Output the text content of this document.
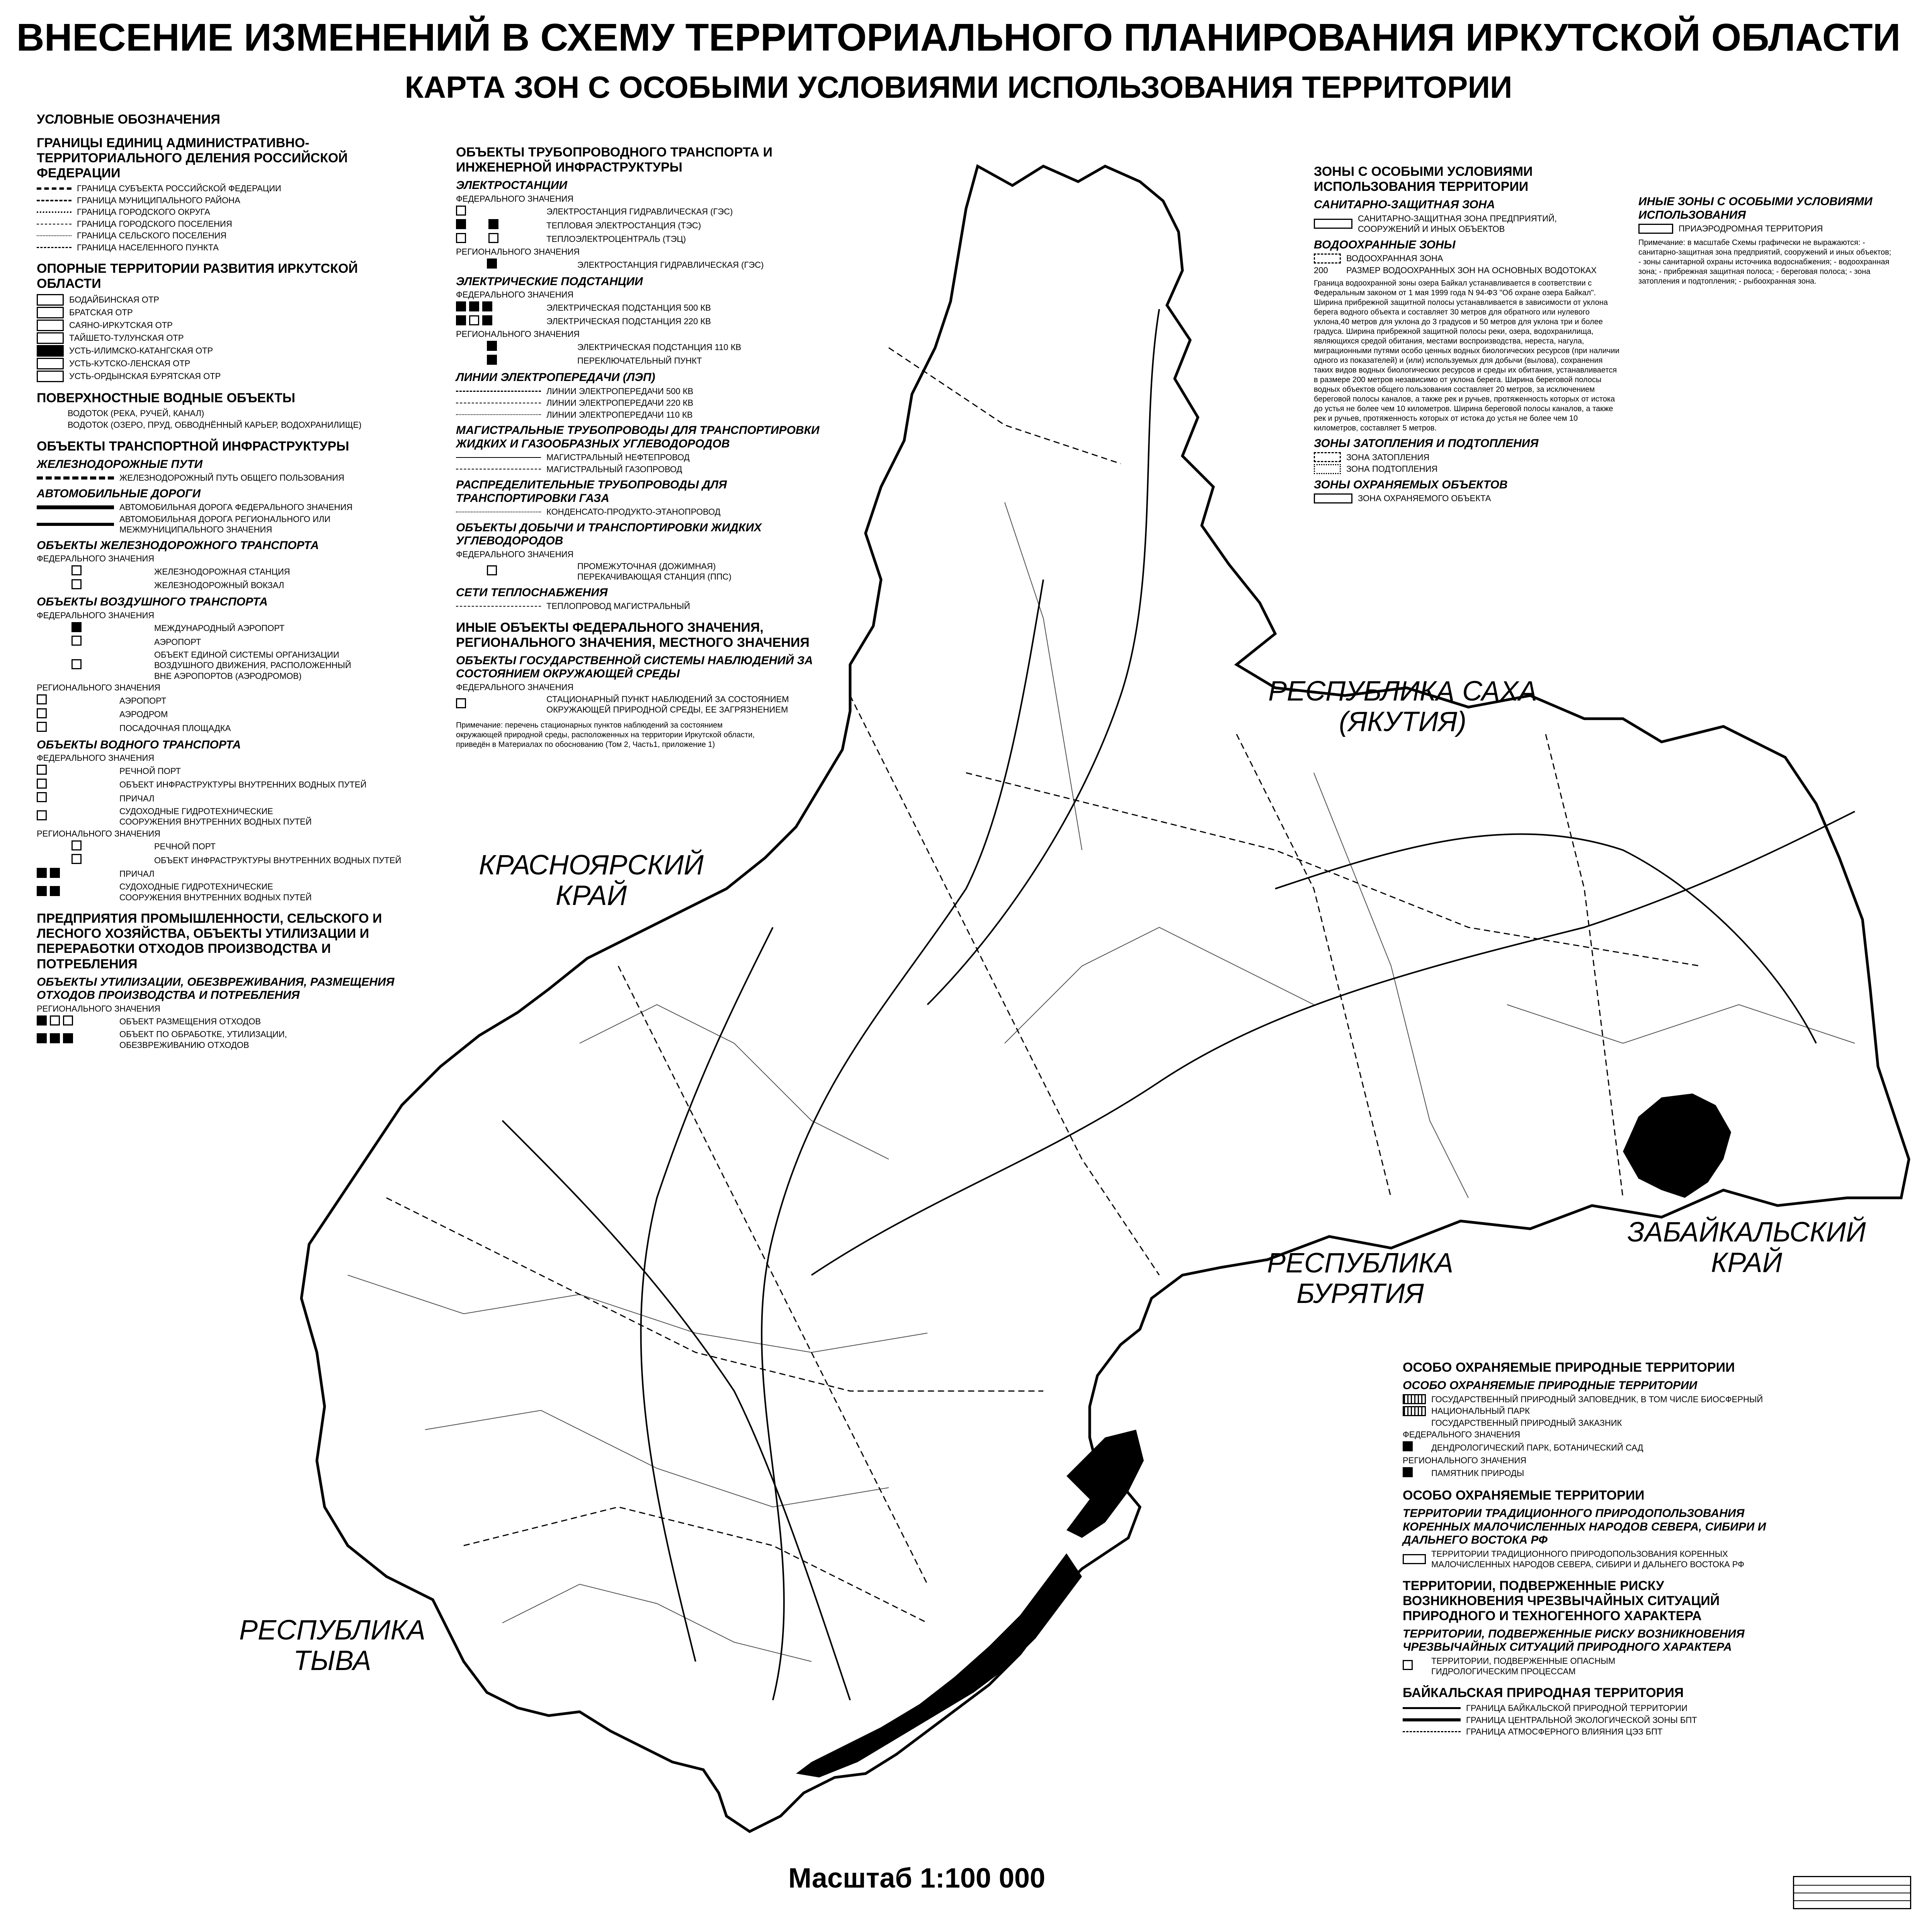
ВНЕСЕНИЕ ИЗМЕНЕНИЙ В СХЕМУ ТЕРРИТОРИАЛЬНОГО ПЛАНИРОВАНИЯ ИРКУТСКОЙ ОБЛАСТИ
КАРТА ЗОН С ОСОБЫМИ УСЛОВИЯМИ ИСПОЛЬЗОВАНИЯ ТЕРРИТОРИИ
КРАСНОЯРСКИЙ
КРАЙ
РЕСПУБЛИКА САХА
(ЯКУТИЯ)
ЗАБАЙКАЛЬСКИЙ
КРАЙ
РЕСПУБЛИКА
БУРЯТИЯ
РЕСПУБЛИКА
ТЫВА
УСЛОВНЫЕ ОБОЗНАЧЕНИЯ
ГРАНИЦЫ ЕДИНИЦ АДМИНИСТРАТИВНО-ТЕРРИТОРИАЛЬНОГО ДЕЛЕНИЯ РОССИЙСКОЙ ФЕДЕРАЦИИ
ГРАНИЦА СУБЪЕКТА РОССИЙСКОЙ ФЕДЕРАЦИИ
ГРАНИЦА МУНИЦИПАЛЬНОГО РАЙОНА
ГРАНИЦА ГОРОДСКОГО ОКРУГА
ГРАНИЦА ГОРОДСКОГО ПОСЕЛЕНИЯ
ГРАНИЦА СЕЛЬСКОГО ПОСЕЛЕНИЯ
ГРАНИЦА НАСЕЛЕННОГО ПУНКТА
ОПОРНЫЕ ТЕРРИТОРИИ РАЗВИТИЯ ИРКУТСКОЙ ОБЛАСТИ
БОДАЙБИНСКАЯ ОТР
БРАТСКАЯ ОТР
САЯНО-ИРКУТСКАЯ ОТР
ТАЙШЕТО-ТУЛУНСКАЯ ОТР
УСТЬ-ИЛИМСКО-КАТАНГСКАЯ ОТР
УСТЬ-КУТСКО-ЛЕНСКАЯ ОТР
УСТЬ-ОРДЫНСКАЯ БУРЯТСКАЯ ОТР
ПОВЕРХНОСТНЫЕ ВОДНЫЕ ОБЪЕКТЫ
ВОДОТОК (РЕКА, РУЧЕЙ, КАНАЛ)
ВОДОТОК (ОЗЕРО, ПРУД, ОБВОДНЁННЫЙ КАРЬЕР, ВОДОХРАНИЛИЩЕ)
ОБЪЕКТЫ ТРАНСПОРТНОЙ ИНФРАСТРУКТУРЫ
ЖЕЛЕЗНОДОРОЖНЫЕ ПУТИ
ЖЕЛЕЗНОДОРОЖНЫЙ ПУТЬ ОБЩЕГО ПОЛЬЗОВАНИЯ
АВТОМОБИЛЬНЫЕ ДОРОГИ
АВТОМОБИЛЬНАЯ ДОРОГА ФЕДЕРАЛЬНОГО ЗНАЧЕНИЯ
АВТОМОБИЛЬНАЯ ДОРОГА РЕГИОНАЛЬНОГО ИЛИ МЕЖМУНИЦИПАЛЬНОГО ЗНАЧЕНИЯ
ОБЪЕКТЫ ЖЕЛЕЗНОДОРОЖНОГО ТРАНСПОРТА
ФЕДЕРАЛЬНОГО ЗНАЧЕНИЯ
ЖЕЛЕЗНОДОРОЖНАЯ СТАНЦИЯ
ЖЕЛЕЗНОДОРОЖНЫЙ ВОКЗАЛ
ОБЪЕКТЫ ВОЗДУШНОГО ТРАНСПОРТА
ФЕДЕРАЛЬНОГО ЗНАЧЕНИЯ
МЕЖДУНАРОДНЫЙ АЭРОПОРТ
АЭРОПОРТ
ОБЪЕКТ ЕДИНОЙ СИСТЕМЫ ОРГАНИЗАЦИИ ВОЗДУШНОГО ДВИЖЕНИЯ, РАСПОЛОЖЕННЫЙ ВНЕ АЭРОПОРТОВ (АЭРОДРОМОВ)
РЕГИОНАЛЬНОГО ЗНАЧЕНИЯ
АЭРОПОРТ
АЭРОДРОМ
ПОСАДОЧНАЯ ПЛОЩАДКА
ОБЪЕКТЫ ВОДНОГО ТРАНСПОРТА
ФЕДЕРАЛЬНОГО ЗНАЧЕНИЯ
РЕЧНОЙ ПОРТ
ОБЪЕКТ ИНФРАСТРУКТУРЫ ВНУТРЕННИХ ВОДНЫХ ПУТЕЙ
ПРИЧАЛ
СУДОХОДНЫЕ ГИДРОТЕХНИЧЕСКИЕ СООРУЖЕНИЯ ВНУТРЕННИХ ВОДНЫХ ПУТЕЙ
РЕГИОНАЛЬНОГО ЗНАЧЕНИЯ
РЕЧНОЙ ПОРТ
ОБЪЕКТ ИНФРАСТРУКТУРЫ ВНУТРЕННИХ ВОДНЫХ ПУТЕЙ
ПРИЧАЛ
СУДОХОДНЫЕ ГИДРОТЕХНИЧЕСКИЕ СООРУЖЕНИЯ ВНУТРЕННИХ ВОДНЫХ ПУТЕЙ
ПРЕДПРИЯТИЯ ПРОМЫШЛЕННОСТИ, СЕЛЬСКОГО И ЛЕСНОГО ХОЗЯЙСТВА, ОБЪЕКТЫ УТИЛИЗАЦИИ И ПЕРЕРАБОТКИ ОТХОДОВ ПРОИЗВОДСТВА И ПОТРЕБЛЕНИЯ
ОБЪЕКТЫ УТИЛИЗАЦИИ, ОБЕЗВРЕЖИВАНИЯ, РАЗМЕЩЕНИЯ ОТХОДОВ ПРОИЗВОДСТВА И ПОТРЕБЛЕНИЯ
РЕГИОНАЛЬНОГО ЗНАЧЕНИЯ
ОБЪЕКТ РАЗМЕЩЕНИЯ ОТХОДОВ
ОБЪЕКТ ПО ОБРАБОТКЕ, УТИЛИЗАЦИИ, ОБЕЗВРЕЖИВАНИЮ ОТХОДОВ
ОБЪЕКТЫ ТРУБОПРОВОДНОГО ТРАНСПОРТА И ИНЖЕНЕРНОЙ ИНФРАСТРУКТУРЫ
ЭЛЕКТРОСТАНЦИИ
ФЕДЕРАЛЬНОГО ЗНАЧЕНИЯ
ЭЛЕКТРОСТАНЦИЯ ГИДРАВЛИЧЕСКАЯ (ГЭС)
ТЕПЛОВАЯ ЭЛЕКТРОСТАНЦИЯ (ТЭС)
ТЕПЛОЭЛЕКТРОЦЕНТРАЛЬ (ТЭЦ)
РЕГИОНАЛЬНОГО ЗНАЧЕНИЯ
ЭЛЕКТРОСТАНЦИЯ ГИДРАВЛИЧЕСКАЯ (ГЭС)
ЭЛЕКТРИЧЕСКИЕ ПОДСТАНЦИИ
ФЕДЕРАЛЬНОГО ЗНАЧЕНИЯ
ЭЛЕКТРИЧЕСКАЯ ПОДСТАНЦИЯ 500 КВ
ЭЛЕКТРИЧЕСКАЯ ПОДСТАНЦИЯ 220 КВ
РЕГИОНАЛЬНОГО ЗНАЧЕНИЯ
ЭЛЕКТРИЧЕСКАЯ ПОДСТАНЦИЯ 110 КВ
ПЕРЕКЛЮЧАТЕЛЬНЫЙ ПУНКТ
ЛИНИИ ЭЛЕКТРОПЕРЕДАЧИ (ЛЭП)
ЛИНИИ ЭЛЕКТРОПЕРЕДАЧИ 500 КВ
ЛИНИИ ЭЛЕКТРОПЕРЕДАЧИ 220 КВ
ЛИНИИ ЭЛЕКТРОПЕРЕДАЧИ 110 КВ
МАГИСТРАЛЬНЫЕ ТРУБОПРОВОДЫ ДЛЯ ТРАНСПОРТИРОВКИ ЖИДКИХ И ГАЗООБРАЗНЫХ УГЛЕВОДОРОДОВ
МАГИСТРАЛЬНЫЙ НЕФТЕПРОВОД
МАГИСТРАЛЬНЫЙ ГАЗОПРОВОД
РАСПРЕДЕЛИТЕЛЬНЫЕ ТРУБОПРОВОДЫ ДЛЯ ТРАНСПОРТИРОВКИ ГАЗА
КОНДЕНСАТО-ПРОДУКТО-ЭТАНОПРОВОД
ОБЪЕКТЫ ДОБЫЧИ И ТРАНСПОРТИРОВКИ ЖИДКИХ УГЛЕВОДОРОДОВ
ФЕДЕРАЛЬНОГО ЗНАЧЕНИЯ
ПРОМЕЖУТОЧНАЯ (ДОЖИМНАЯ) ПЕРЕКАЧИВАЮЩАЯ СТАНЦИЯ (ППС)
СЕТИ ТЕПЛОСНАБЖЕНИЯ
ТЕПЛОПРОВОД МАГИСТРАЛЬНЫЙ
ИНЫЕ ОБЪЕКТЫ ФЕДЕРАЛЬНОГО ЗНАЧЕНИЯ, РЕГИОНАЛЬНОГО ЗНАЧЕНИЯ, МЕСТНОГО ЗНАЧЕНИЯ
ОБЪЕКТЫ ГОСУДАРСТВЕННОЙ СИСТЕМЫ НАБЛЮДЕНИЙ ЗА СОСТОЯНИЕМ ОКРУЖАЮЩЕЙ СРЕДЫ
ФЕДЕРАЛЬНОГО ЗНАЧЕНИЯ
СТАЦИОНАРНЫЙ ПУНКТ НАБЛЮДЕНИЙ ЗА СОСТОЯНИЕМ ОКРУЖАЮЩЕЙ ПРИРОДНОЙ СРЕДЫ, ЕЕ ЗАГРЯЗНЕНИЕМ
Примечание: перечень стационарных пунктов наблюдений за состоянием окружающей природной среды, расположенных на территории Иркутской области, приведён в Материалах по обоснованию (Том 2, Часть1, приложение 1)
ЗОНЫ С ОСОБЫМИ УСЛОВИЯМИ ИСПОЛЬЗОВАНИЯ ТЕРРИТОРИИ
САНИТАРНО-ЗАЩИТНАЯ ЗОНА
САНИТАРНО-ЗАЩИТНАЯ ЗОНА ПРЕДПРИЯТИЙ, СООРУЖЕНИЙ И ИНЫХ ОБЪЕКТОВ
ВОДООХРАННЫЕ ЗОНЫ
ВОДООХРАННАЯ ЗОНА
200	РАЗМЕР ВОДООХРАННЫХ ЗОН НА ОСНОВНЫХ ВОДОТОКАХ
Граница водоохранной зоны озера Байкал устанавливается в соответствии с Федеральным законом от 1 мая 1999 года N 94-ФЗ "Об охране озера Байкал". Ширина прибрежной защитной полосы устанавливается в зависимости от уклона берега водного объекта и составляет 30 метров для обратного или нулевого уклона,40 метров для уклона до 3 градусов и 50 метров для уклона три и более градуса. Ширина прибрежной защитной полосы реки, озера, водохранилища, являющихся средой обитания, местами воспроизводства, нереста, нагула, миграционными путями особо ценных водных биологических ресурсов (при наличии одного из показателей) и (или) используемых для добычи (вылова), сохранения таких видов водных биологических ресурсов и среды их обитания, устанавливается в размере 200 метров независимо от уклона берега. Ширина береговой полосы водных объектов общего пользования составляет 20 метров, за исключением береговой полосы каналов, а также рек и ручьев, протяженность которых от истока до устья не более чем 10 километров. Ширина береговой полосы каналов, а также рек и ручьев, протяженность которых от истока до устья не более чем 10 километров, составляет 5 метров.
ЗОНЫ ЗАТОПЛЕНИЯ И ПОДТОПЛЕНИЯ
ЗОНА ЗАТОПЛЕНИЯ
ЗОНА ПОДТОПЛЕНИЯ
ЗОНЫ ОХРАНЯЕМЫХ ОБЪЕКТОВ
ЗОНА ОХРАНЯЕМОГО ОБЪЕКТА
ИНЫЕ ЗОНЫ С ОСОБЫМИ УСЛОВИЯМИ ИСПОЛЬЗОВАНИЯ
ПРИАЭРОДРОМНАЯ ТЕРРИТОРИЯ
Примечание: в масштабе Схемы графически не выражаются: - санитарно-защитная зона предприятий, сооружений и иных объектов; - зоны санитарной охраны источника водоснабжения; - водоохранная зона; - прибрежная защитная полоса; - береговая полоса; - зона затопления и подтопления; - рыбоохранная зона.
ОСОБО ОХРАНЯЕМЫЕ ПРИРОДНЫЕ ТЕРРИТОРИИ
ОСОБО ОХРАНЯЕМЫЕ ПРИРОДНЫЕ ТЕРРИТОРИИ
ГОСУДАРСТВЕННЫЙ ПРИРОДНЫЙ ЗАПОВЕДНИК, В ТОМ ЧИСЛЕ БИОСФЕРНЫЙ
НАЦИОНАЛЬНЫЙ ПАРК
ГОСУДАРСТВЕННЫЙ ПРИРОДНЫЙ ЗАКАЗНИК
ФЕДЕРАЛЬНОГО ЗНАЧЕНИЯ
ДЕНДРОЛОГИЧЕСКИЙ ПАРК, БОТАНИЧЕСКИЙ САД
РЕГИОНАЛЬНОГО ЗНАЧЕНИЯ
ПАМЯТНИК ПРИРОДЫ
ОСОБО ОХРАНЯЕМЫЕ ТЕРРИТОРИИ
ТЕРРИТОРИИ ТРАДИЦИОННОГО ПРИРОДОПОЛЬЗОВАНИЯ КОРЕННЫХ МАЛОЧИСЛЕННЫХ НАРОДОВ СЕВЕРА, СИБИРИ И ДАЛЬНЕГО ВОСТОКА РФ
ТЕРРИТОРИИ ТРАДИЦИОННОГО ПРИРОДОПОЛЬЗОВАНИЯ КОРЕННЫХ МАЛОЧИСЛЕННЫХ НАРОДОВ СЕВЕРА, СИБИРИ И ДАЛЬНЕГО ВОСТОКА РФ
ТЕРРИТОРИИ, ПОДВЕРЖЕННЫЕ РИСКУ ВОЗНИКНОВЕНИЯ ЧРЕЗВЫЧАЙНЫХ СИТУАЦИЙ ПРИРОДНОГО И ТЕХНОГЕННОГО ХАРАКТЕРА
ТЕРРИТОРИИ, ПОДВЕРЖЕННЫЕ РИСКУ ВОЗНИКНОВЕНИЯ ЧРЕЗВЫЧАЙНЫХ СИТУАЦИЙ ПРИРОДНОГО ХАРАКТЕРА
ТЕРРИТОРИИ, ПОДВЕРЖЕННЫЕ ОПАСНЫМ ГИДРОЛОГИЧЕСКИМ ПРОЦЕССАМ
БАЙКАЛЬСКАЯ ПРИРОДНАЯ ТЕРРИТОРИЯ
ГРАНИЦА БАЙКАЛЬСКОЙ ПРИРОДНОЙ ТЕРРИТОРИИ
ГРАНИЦА ЦЕНТРАЛЬНОЙ ЭКОЛОГИЧЕСКОЙ ЗОНЫ БПТ
ГРАНИЦА АТМОСФЕРНОГО ВЛИЯНИЯ ЦЭЗ БПТ
Масштаб 1:100 000
